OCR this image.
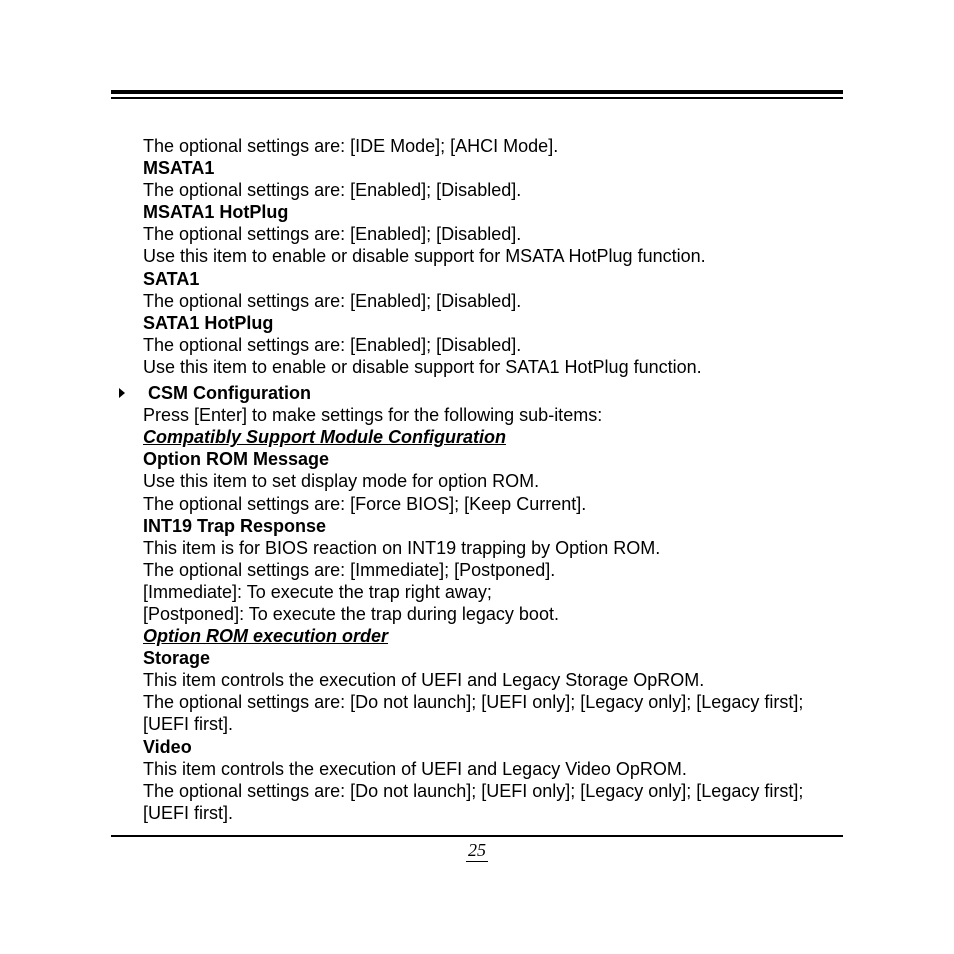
The optional settings are: [IDE Mode]; [AHCI Mode].
MSATA1
The optional settings are: [Enabled]; [Disabled].
MSATA1 HotPlug
The optional settings are: [Enabled]; [Disabled].
Use this item to enable or disable support for MSATA HotPlug function.
SATA1
The optional settings are: [Enabled]; [Disabled].
SATA1 HotPlug
The optional settings are: [Enabled]; [Disabled].
Use this item to enable or disable support for SATA1 HotPlug function.
CSM Configuration
Press [Enter] to make settings for the following sub-items:
Compatibly Support Module Configuration
Option ROM Message
Use this item to set display mode for option ROM.
The optional settings are: [Force BIOS]; [Keep Current].
INT19 Trap Response
This item is for BIOS reaction on INT19 trapping by Option ROM.
The optional settings are: [Immediate]; [Postponed].
[Immediate]: To execute the trap right away;
[Postponed]: To execute the trap during legacy boot.
Option ROM execution order
Storage
This item controls the execution of UEFI and Legacy Storage OpROM.
The optional settings are: [Do not launch]; [UEFI only]; [Legacy only]; [Legacy first]; [UEFI first].
Video
This item controls the execution of UEFI and Legacy Video OpROM.
The optional settings are: [Do not launch]; [UEFI only]; [Legacy only]; [Legacy first]; [UEFI first].
25
